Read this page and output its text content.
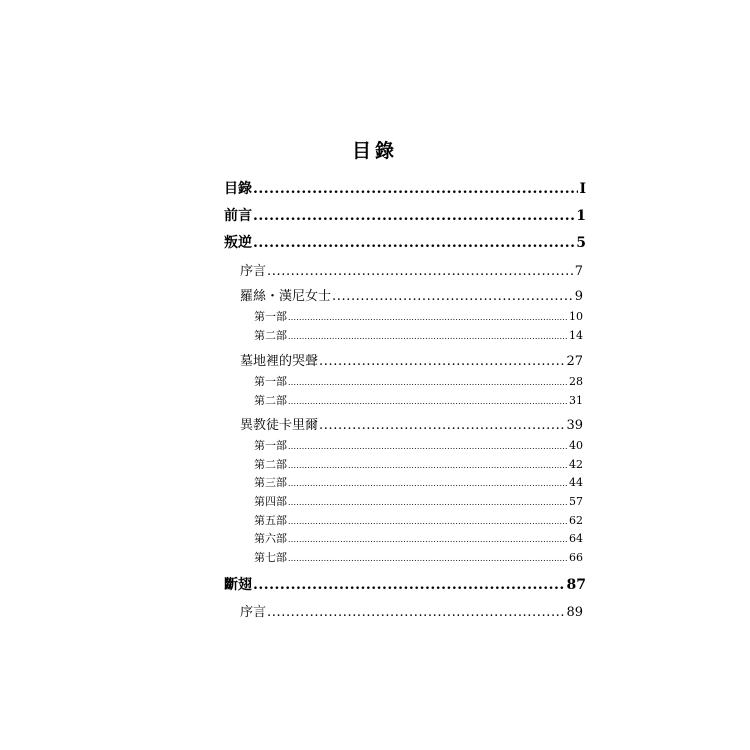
目錄
目錄 .....	I
前言 .....	1
叛逆 .....	5
序言 .....	7
羅絲・漢尼女士 .....	9
第一部 .....	10
第二部 .....	14
墓地裡的哭聲 .....	27
第一部 .....	28
第二部 .....	31
異教徒卡里爾 .....	39
第一部 .....	40
第二部 .....	42
第三部 .....	44
第四部 .....	57
第五部 .....	62
第六部 .....	64
第七部 .....	66
斷翅 .....	87
序言 .....	89
